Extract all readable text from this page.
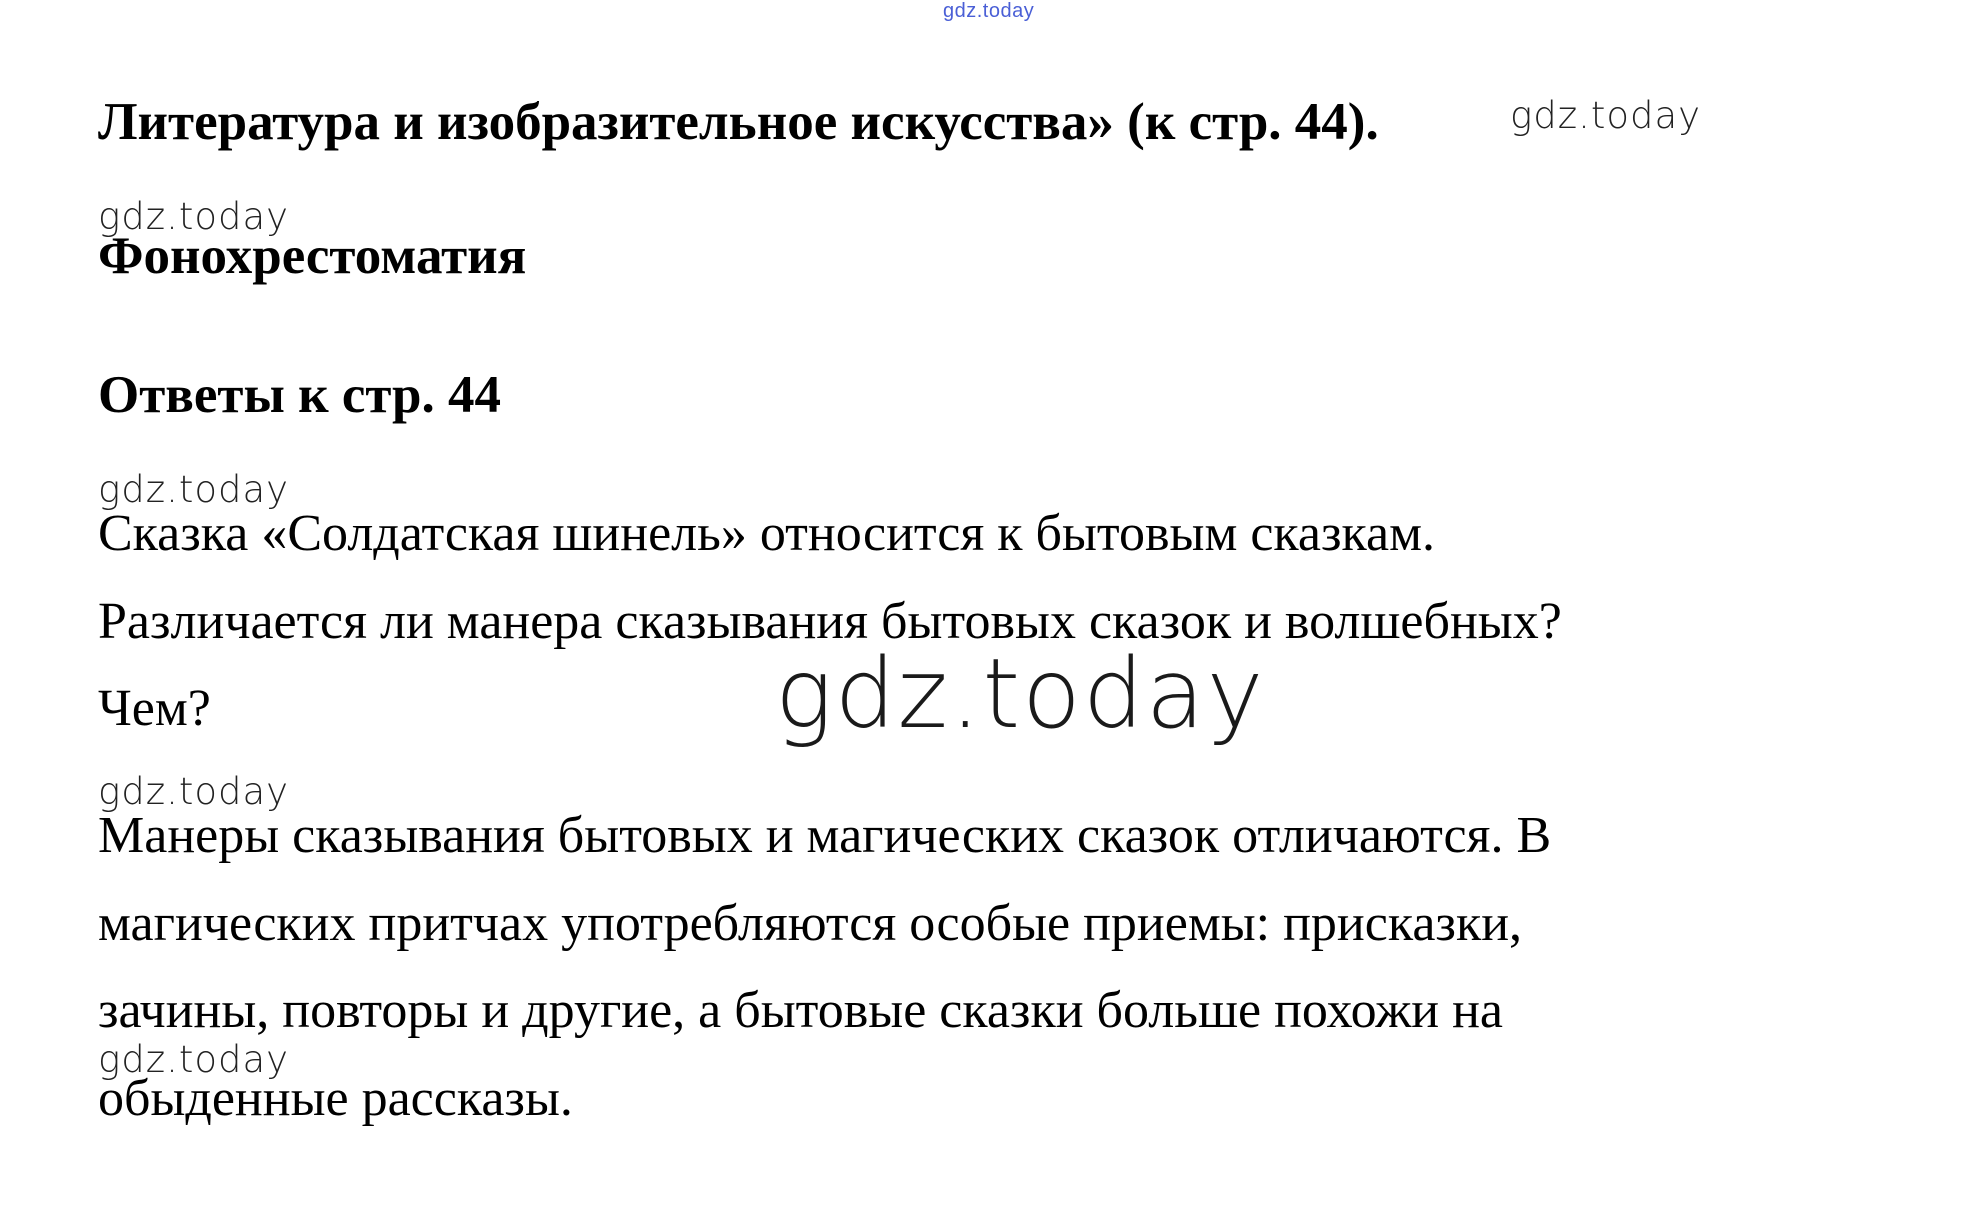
gdz.today
Литература и изобразительное искусства» (к стр. 44).	gdz.today
gdz.today
Фонохрестоматия
Ответы к стр. 44
gdz.today
Сказка «Солдатская шинель» относится к бытовым сказкам.
Различается ли манера сказывания бытовых сказок и волшебных?
Чем?	gdz.today
gdz.today
Манеры сказывания бытовых и магических сказок отличаются. В
магических притчах употребляются особые приемы: присказки,
зачины, повторы и другие, а бытовые сказки больше похожи на
gdz.today
обыденные рассказы.
